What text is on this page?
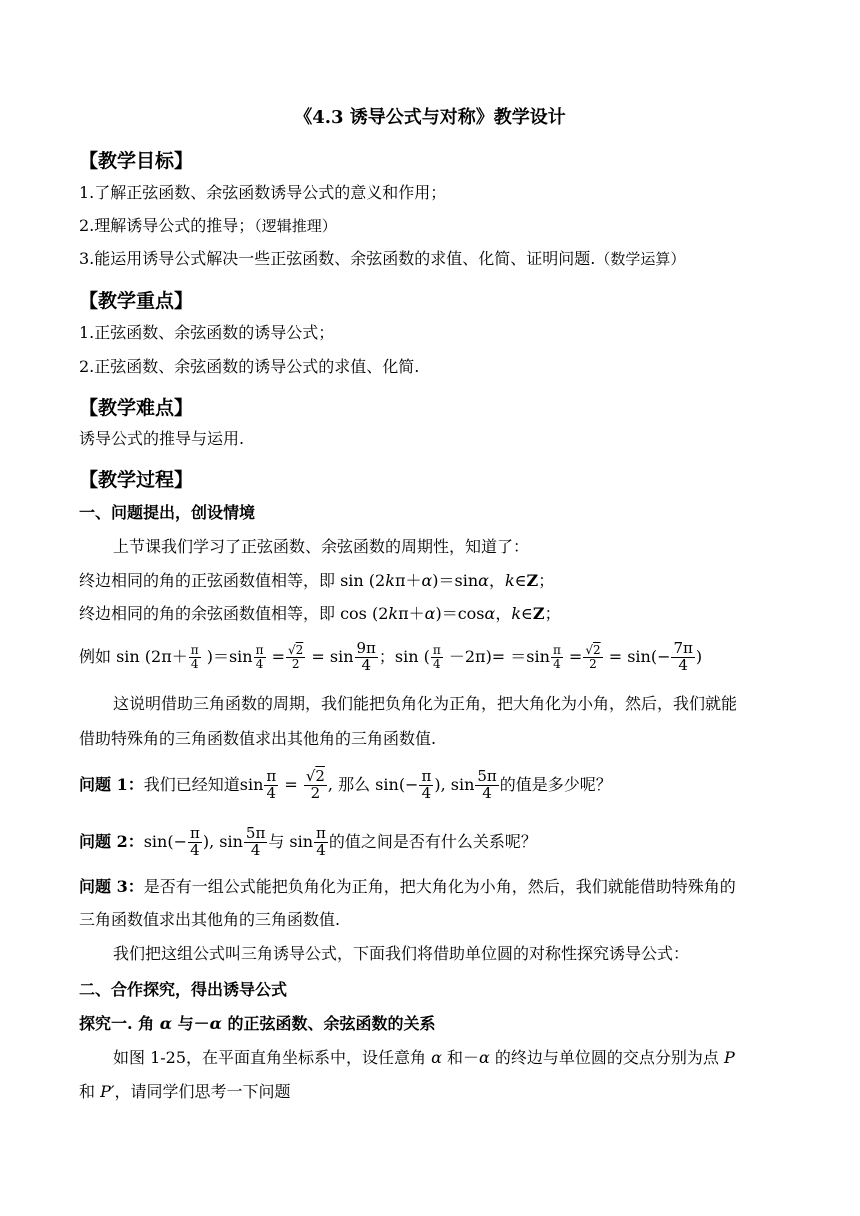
《4.3 诱导公式与对称》教学设计
【教学目标】
1.了解正弦函数、余弦函数诱导公式的意义和作用；
2.理解诱导公式的推导；（逻辑推理）
3.能运用诱导公式解决一些正弦函数、余弦函数的求值、化简、证明问题.（数学运算）
【教学重点】
1.正弦函数、余弦函数的诱导公式；
2.正弦函数、余弦函数的诱导公式的求值、化简.
【教学难点】
诱导公式的推导与运用.
【教学过程】
一、问题提出，创设情境
上节课我们学习了正弦函数、余弦函数的周期性，知道了：
终边相同的角的正弦函数值相等，即 sin (2kπ＋α)＝sinα，k∈Z；
终边相同的角的余弦函数值相等，即 cos (2kπ＋α)＝cosα，k∈Z；
例如 $\sin (2\pi+ \frac{\pi}{4} )=\sin \frac{\pi}{4} = \frac{√2}{2} = \sin \frac{9\pi}{4}$ ；sin ( $\frac{\pi}{4} -2\pi)= =\sin \frac{\pi}{4} = \frac{√2}{2} = \sin(- \frac{7\pi}{4}$ )
这说明借助三角函数的周期，我们能把负角化为正角，把大角化为小角，然后，我们就能
借助特殊角的三角函数值求出其他角的三角函数值.
问题 1：我们已经知道$\sin \frac{\pi}{4} = \frac{√2}{2}$ , 那么 $\sin(- \frac{\pi}{4}$ ), $\sin \frac{5\pi}{4}$ 的值是多少呢？
问题 2：$\sin(- \frac{\pi}{4}$ ), $\sin \frac{5\pi}{4}$ 与 $\sin \frac{\pi}{4}$ 的值之间是否有什么关系呢？
问题 3：是否有一组公式能把负角化为正角，把大角化为小角，然后，我们就能借助特殊角的
三角函数值求出其他角的三角函数值.
我们把这组公式叫三角诱导公式，下面我们将借助单位圆的对称性探究诱导公式：
二、合作探究，得出诱导公式
探究一. 角 α 与－α 的正弦函数、余弦函数的关系
如图 1-25，在平面直角坐标系中，设任意角 α 和－α 的终边与单位圆的交点分别为点 P
和 P′，请同学们思考一下问题
